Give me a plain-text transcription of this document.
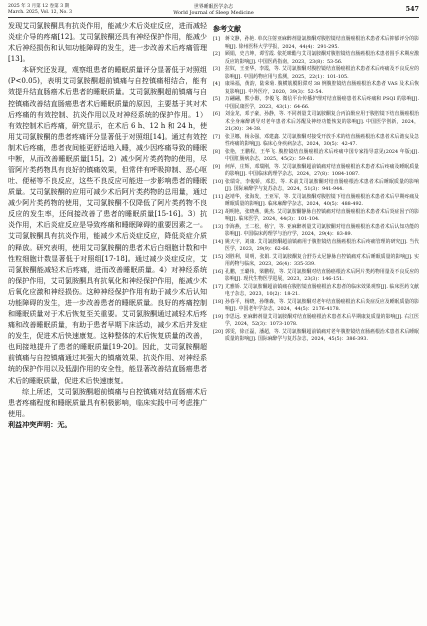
2025 年 3 月第 12 卷第 3 期
March. 2025, Vol. 12, No. 3
世界睡眠医学杂志
World Journal of Sleep Medicine	547

发现艾司氯胺酮具有抗炎作用，能减少术后炎症反应，进而减轻炎症介导的疼痛[12]。艾司氯胺酮还具有神经保护作用，能减少术后神经损伤和认知功能障碍的发生，进一步改善术后疼痛管理[13]。

本研究还发现，观察组患者的睡眠质量评分显著低于对照组(P<0.05)，表明艾司氯胺酮超前镇痛与自控镇痛相结合，能有效提升结直肠癌术后患者的睡眠质量。艾司氯胺酮超前镇痛与自控镇痛改善结直肠癌患者术后睡眠质量的原因，主要基于其对术后疼痛的有效控制、抗炎作用以及对神经系统的保护作用。1）有效控制术后疼痛，研究显示，在术后 6 h、12 h 和 24 h，使用艾司氯胺酮的患者疼痛评分显著低于对照组[14]。通过有效控制术后疼痛，患者夜间能更舒适地入睡，减少因疼痛导致的睡眠中断，从而改善睡眠质量[15]。2）减少阿片类药物的使用，尽管阿片类药物具有良好的镇痛效果，但常伴有呼吸抑制、恶心呕吐、便秘等不良反应，这些不良反应可能进一步影响患者的睡眠质量。艾司氯胺酮的应用可减少术后阿片类药物的总用量，通过减少阿片类药物的使用，艾司氯胺酮不仅降低了阿片类药物不良反应的发生率，还间接改善了患者的睡眠质量[15-16]。3）抗炎作用，术后炎症反应是导致疼痛和睡眠障碍的重要因素之一。艾司氯胺酮具有抗炎作用，能减少术后炎症反应，降低炎症介质的释放。研究表明，使用艾司氯胺酮的患者术后白细胞计数和中性粒细胞计数显著低于对照组[17-18]。通过减少炎症反应，艾司氯胺酮能减轻术后疼痛，进而改善睡眠质量。4）对神经系统的保护作用，艾司氯胺酮具有抗氧化和神经保护作用，能减少术后氧化应激和神经损伤。这种神经保护作用有助于减少术后认知功能障碍的发生，进一步改善患者的睡眠质量。良好的疼痛控制和睡眠质量对于术后恢复至关重要。艾司氯胺酮通过减轻术后疼痛和改善睡眠质量，有助于患者早期下床活动，减少术后并发症的发生，促进术后快速康复。这种整体的术后恢复质量的改善，也间接地提升了患者的睡眠质量[19-20]。因此，艾司氯胺酮超前镇痛与自控镇痛通过其强大的镇痛效果、抗炎作用、对神经系统的保护作用以及低副作用的安全性，能显著改善结直肠癌患者术后的睡眠质量，促进术后快速康复。

综上所述，艾司氯胺酮超前镇痛与自控镇痛对结直肠癌术后患者疼痛程度和睡眠质量具有积极影响，临床实践中可考虑推广使用。

利益冲突声明：无。
参考文献
[1]	蒋文静，孙艳. 单次注射亚麻醉剂量氯胺酮对腹腔镜结直肠癌根治术患者术后抑郁评分的影响[J]. 徐州医科大学学报，2024，44(4)：291-295.
[2]	顾娟，史吉坤，谭雪霞. 依托咪酯与艾司氯胺酮对腹腔镜结直肠癌根治术患者围手术期应激反应的影响[J]. 中国医药指南，2023，23(8)：53-56.
[3]	拉奴，王亚华，李霞，等. 艾司氯胺酮对腹腔镜结直肠癌根治术患者术后疼痛及不良反应的影响[J]. 中国药物应用与监测，2025，22(1)：101-105.
[4]	康垛福，黄韵，陆荣菊. 腹横筋膜阻滞对 38 例腹腔镜结直肠癌根治术患者 VAS 及术后恢复影响[J]. 中外医疗，2020，39(3)：52-54.
[5]	万翩翩，熊小醇，李俊飞. 微信平台传播护理对结直肠癌患者术后疼痛和 PSQI 的影响[J]. 中国民康医学，2023，43(1)：64-66.
[6]	刘金龙，邓子豪，孙静，等. 不同剂量艾司氯胺酮复合丙泊酚应用于腹腔镜下结直肠癌根治术全身麻醉诱导对老年患者术后苏醒及神经功能恢复的影响[J]. 中国医学创新，2024，21(30)：34-38.
[7]	张卫娜，杨永强，邓建鑫. 艾司氯胺酮对接受开放手术的结直肠癌根治术患者术后谵妄及急性疼痛的影响[J]. 临床心身疾病杂志，2024，30(5)：42-47.
[8]	张艳，王鹏程，王华飞. 腹腔镜结直肠癌根治术后疼痛中国专家指导意见(2024 年版)[J]. 中国肛肠病杂志，2025，45(2)：59-61.
[9]	何萍，庄辉，邓瑞刚，等. 艾司氯胺酮超前镇痛对结直肠癌根治术患者术后疼痛及睡眠质量的影响[J]. 中国临床药理学杂志，2024，27(8)：1084-1087.
[10] 张瑞奇，李俊娇，邓思，等. 术前艾司氯胺酮对结直肠癌根治术患者术后睡眠质量的影响[J]. 国际麻醉学与复苏杂志，2024，51(3)：941-944.
[11] 赵靖华，张海发，王亚军，等. 艾司氯胺酮对腹腔镜下结直肠癌根治术患者术后早期疼痛及睡眠质量的影响[J]. 临床麻醉学杂志，2024，40(5)：488-492.
[12] 胡明艳，张晓燕，姚杰. 艾司氯胺酮静脉自控镇痛对结直肠癌根治术患者术后炎症因子的影响[J]. 临床医学，2024，44(3)：101-104.
[13] 李海燕，王二松，杨宁，等. 亚麻醉剂量艾司氯胺酮对结直肠癌根治术患者术后认知功能的影响[J]. 中国临床药理学与治疗学，2024，29(4)：83-89.
[14] 姚天宇，刘康. 艾司氯胺酮超前镇痛用于腹腔镜结直肠癌根治术后疼痛管理的研究[J]. 当代医学，2023，29(9)：62-66.
[15] 刘胜利，周明，张娟. 艾司氯胺酮复合舒芬太尼静脉自控镇痛对术后睡眠质量的影响[J]. 实用药物与临床，2023，26(4)：335-339.
[16] 孔鹏，王璐伟，梁鹏程，等. 艾司氯胺酮对结直肠癌根治术后阿片类药物用量及不良反应的影响[J]. 现代生物医学进展，2023，23(3)：146-151.
[17] 尤雅娇. 艾司氯胺酮超前镇痛在腹腔镜直肠癌根治术患者的临床效果观察[J]. 临床医药文献电子杂志，2023，10(2)：18-21.
[18] 孙春平，杨晓，孙继森，等. 艾司氯胺酮对老年结直肠癌根治术后炎症反应及睡眠质量的影响[J]. 中国老年学杂志，2024，44(5)：2176-4178.
[19] 李思远. 亚麻醉剂量艾司氯胺酮对结直肠癌根治术患者术后早期康复质量的影响[J]. 右江医学，2024，52(3)：1073-1078.
[20] 郭雯，徐正磊，潘超，等. 艾司氯胺酮超前镇痛对老年腹腔镜结直肠癌根治术患者术后睡眠质量的影响[J]. 国际麻醉学与复苏杂志，2024，45(5)：386-393.
